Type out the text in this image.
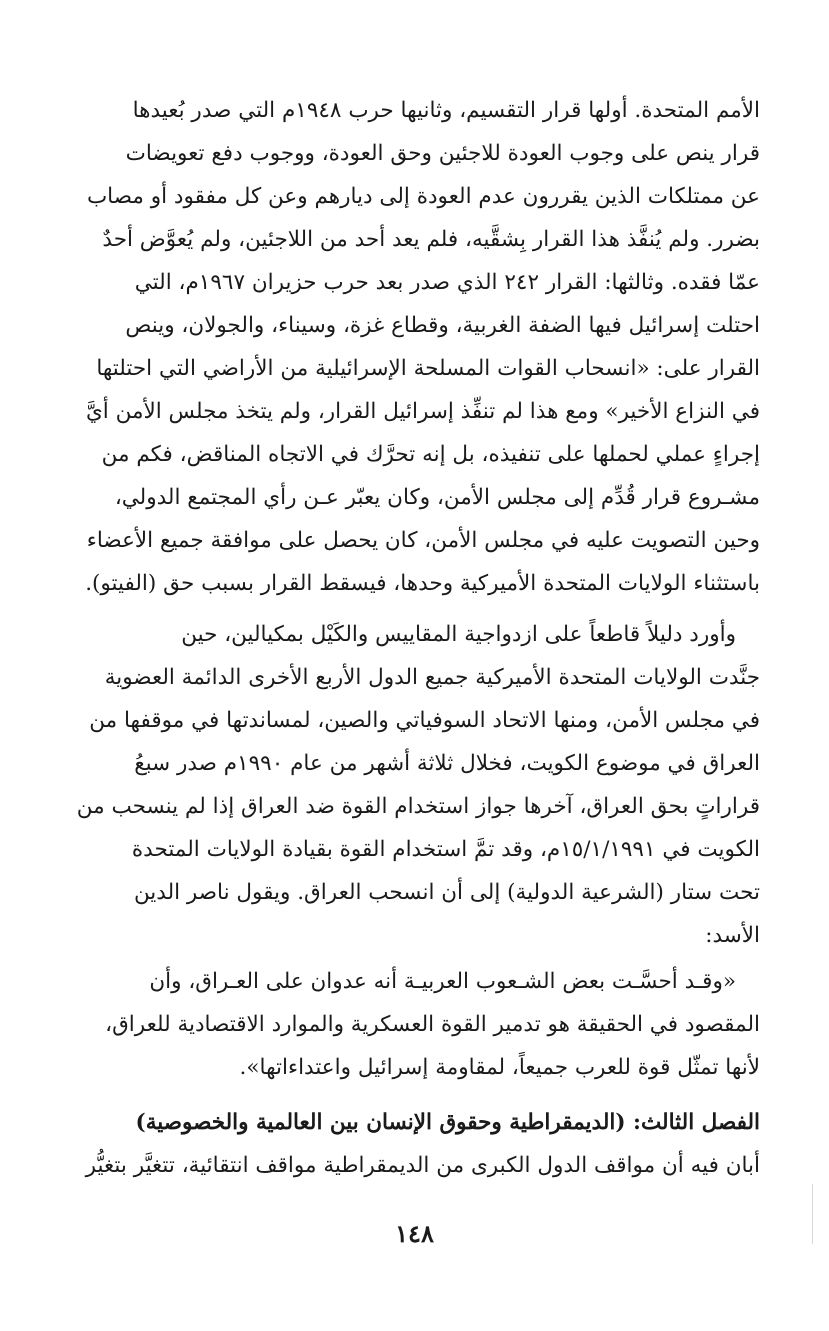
الأمم المتحدة. أولها قرار التقسيم، وثانيها حرب ١٩٤٨م التي صدر بُعيدها
قرار ينص على وجوب العودة للاجئين وحق العودة، ووجوب دفع تعويضات
عن ممتلكات الذين يقررون عدم العودة إلى ديارهم وعن كل مفقود أو مصاب
بضرر. ولم يُنفَّذ هذا القرار بِشقَّيه، فلم يعد أحد من اللاجئين، ولم يُعوَّض أحدٌ
عمّا فقده. وثالثها: القرار ٢٤٢ الذي صدر بعد حرب حزيران ١٩٦٧م، التي
احتلت إسرائيل فيها الضفة الغربية، وقطاع غزة، وسيناء، والجولان، وينص
القرار على: «انسحاب القوات المسلحة الإسرائيلية من الأراضي التي احتلتها
في النزاع الأخير» ومع هذا لم تنفِّذ إسرائيل القرار، ولم يتخذ مجلس الأمن أيَّ
إجراءٍ عملي لحملها على تنفيذه، بل إنه تحرَّك في الاتجاه المناقض، فكم من
مشـروع قرار قُدِّم إلى مجلس الأمن، وكان يعبّر عـن رأي المجتمع الدولي،
وحين التصويت عليه في مجلس الأمن، كان يحصل على موافقة جميع الأعضاء
باستثناء الولايات المتحدة الأميركية وحدها، فيسقط القرار بسبب حق (الفيتو).
وأورد دليلاً قاطعاً على ازدواجية المقاييس والكَيْل بمكيالين، حين
جنَّدت الولايات المتحدة الأميركية جميع الدول الأربع الأخرى الدائمة العضوية
في مجلس الأمن، ومنها الاتحاد السوفياتي والصين، لمساندتها في موقفها من
العراق في موضوع الكويت، فخلال ثلاثة أشهر من عام ١٩٩٠م صدر سبعُ
قراراتٍ بحق العراق، آخرها جواز استخدام القوة ضد العراق إذا لم ينسحب من
الكويت في ١٥/١/١٩٩١م، وقد تمَّ استخدام القوة بقيادة الولايات المتحدة
تحت ستار (الشرعية الدولية) إلى أن انسحب العراق. ويقول ناصر الدين
الأسد:
«وقـد أحسَّـت بعض الشـعوب العربيـة أنه عدوان على العـراق، وأن
المقصود في الحقيقة هو تدمير القوة العسكرية والموارد الاقتصادية للعراق،
لأنها تمثّل قوة للعرب جميعاً، لمقاومة إسرائيل واعتداءاتها».
الفصل الثالث: (الديمقراطية وحقوق الإنسان بين العالمية والخصوصية)
أبان فيه أن مواقف الدول الكبرى من الديمقراطية مواقف انتقائية، تتغيَّر بتغيُّر
١٤٨
